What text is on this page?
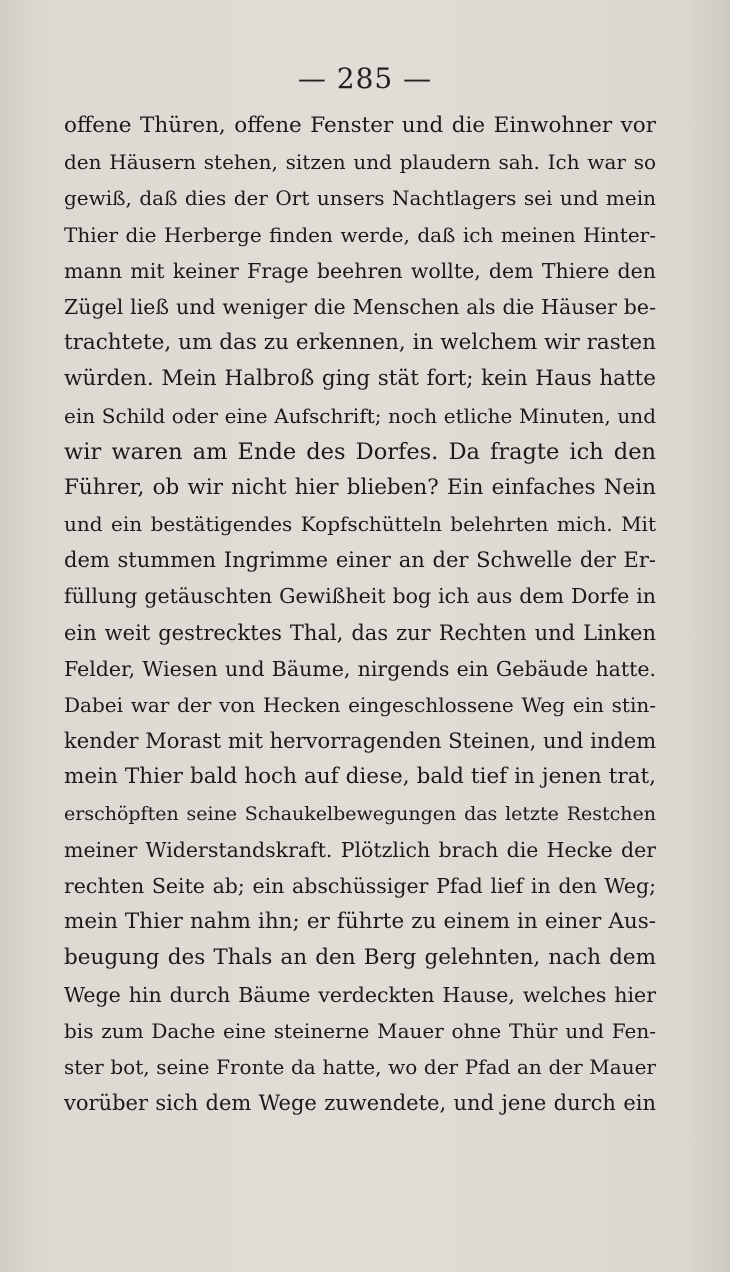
— 285 —
offene Thüren, offene Fenster und die Einwohner vor
den Häusern stehen, sitzen und plaudern sah. Ich war so
gewiß, daß dies der Ort unsers Nachtlagers sei und mein
Thier die Herberge finden werde, daß ich meinen Hinter-
mann mit keiner Frage beehren wollte, dem Thiere den
Zügel ließ und weniger die Menschen als die Häuser be-
trachtete, um das zu erkennen, in welchem wir rasten
würden. Mein Halbroß ging stät fort; kein Haus hatte
ein Schild oder eine Aufschrift; noch etliche Minuten, und
wir waren am Ende des Dorfes. Da fragte ich den
Führer, ob wir nicht hier blieben? Ein einfaches Nein
und ein bestätigendes Kopfschütteln belehrten mich. Mit
dem stummen Ingrimme einer an der Schwelle der Er-
füllung getäuschten Gewißheit bog ich aus dem Dorfe in
ein weit gestrecktes Thal, das zur Rechten und Linken
Felder, Wiesen und Bäume, nirgends ein Gebäude hatte.
Dabei war der von Hecken eingeschlossene Weg ein stin-
kender Morast mit hervorragenden Steinen, und indem
mein Thier bald hoch auf diese, bald tief in jenen trat,
erschöpften seine Schaukelbewegungen das letzte Restchen
meiner Widerstandskraft. Plötzlich brach die Hecke der
rechten Seite ab; ein abschüssiger Pfad lief in den Weg;
mein Thier nahm ihn; er führte zu einem in einer Aus-
beugung des Thals an den Berg gelehnten, nach dem
Wege hin durch Bäume verdeckten Hause, welches hier
bis zum Dache eine steinerne Mauer ohne Thür und Fen-
ster bot, seine Fronte da hatte, wo der Pfad an der Mauer
vorüber sich dem Wege zuwendete, und jene durch ein
